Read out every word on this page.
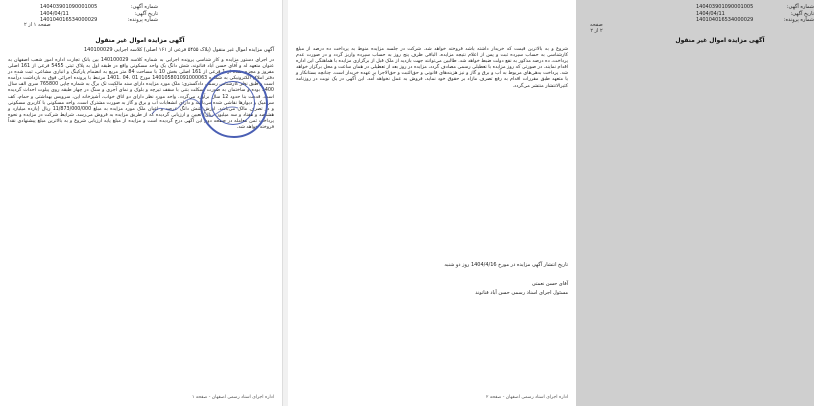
شماره آگهی:
140403901090001005
تاریخ آگهی:
1404/04/11
شماره پرونده:
140104016534000029
صفحه ۱ از ۲
آگهی مزایده اموال غیر منقول
آگهی مزایده اموال غیر منقول (پلاک ۵۴۵۵ فرعی از ۱۶۱ اصلی) کلاسه اجرایی 140100029
در اجرای دستور مزایده و کار شناسی پرونده اجرایی به شماره کلاسه 140100029 بین بانک تجارت اداره امور شعب اصفهان به عنوان متعهد له و آقای حسن آباد قناتوند، شش دانگ یک واحد مسکونی واقع در طبقه اول به پلاک ثبتی 5455 فرعی از 161 اصلی مفروز و مجزی شده از 1 فرعی از 161 اصلی بخش 10 با مساحت 84 متر مربع به انضمام پارکینگ و انباری مشاعی، ثبت شده در دفتر املاک الکترونیکی به شماره 140105801091000063 مورخ 01 .04 .1401 مرتبط با پرونده اجرائی فوق به بازداشت درآمده است و طبق نظر کارشناس رسمی دادگستری: ملک مورد مزایده دارای سند مالکیت تک برگ به شماره چاپی 765800 سری الف سال 1400 بوده و ساختمان به صورت اسکلت بتنی با سقف تیرچه و بلوک و نمای آجری و سنگ در چهار طبقه روی پیلوت احداث گردیده است. قدمت بنا حدود 12 سال برآورد می‌گردد. واحد مورد نظر دارای دو اتاق خواب، آشپزخانه اپن، سرویس بهداشتی و حمام، کف سرامیک و دیوارها نقاشی شده می‌باشد و دارای انشعابات آب و برق و گاز به صورت مشترک است. واحد مسکونی با کاربری مسکونی و در تصرف مالک می‌باشد. ارزش شش دانگ عرصه و اعیان ملک مورد مزایده به مبلغ 11/873/000/000 ریال (یازده میلیارد و هشتصد و هفتاد و سه میلیون ریال) تعیین و ارزیابی گردیده که از طریق مزایده به فروش می‌رسد. شرایط شرکت در مزایده و نحوه پرداخت ثمن معامله در صفحه دوم این آگهی درج گردیده است و مزایده از مبلغ پایه ارزیابی شروع و به بالاترین مبلغ پیشنهادی نقداً فروخته خواهد شد.
اداره اجرای اسناد رسمی اصفهان - صفحه ۱
شماره آگهی:
140403901090001005
تاریخ آگهی:
1404/04/11
شماره پرونده:
140104016534000029
صفحه ۲ از ۲
آگهی مزایده اموال غیر منقول
شروع و به بالاترین قیمت که خریدار داشته باشد فروخته خواهد شد. شرکت در جلسه مزایده منوط به پرداخت ده درصد از مبلغ کارشناسی به حساب سپرده ثبت و پس از اعلام نتیجه مزایده، الباقی ظرف پنج روز به حساب سپرده واریز گردد و در صورت عدم پرداخت، ده درصد مذکور به نفع دولت ضبط خواهد شد. طالبین می‌توانند جهت بازدید از ملک قبل از برگزاری مزایده با هماهنگی این اداره اقدام نمایند. در صورتی که روز مزایده با تعطیلی رسمی مصادف گردد، مزایده در روز بعد از تعطیلی در همان ساعت و محل برگزار خواهد شد. پرداخت بدهی‌های مربوط به آب و برق و گاز و نیز هزینه‌های قانونی و حق‌الثبت و حق‌الاجرا بر عهده خریدار است. چنانچه بستانکار و یا متعهد طبق مقررات اقدام به رفع تصرف مازاد بر حقوق خود نماید، فروش به عمل نخواهد آمد. این آگهی در یک نوبت در روزنامه کثیرالانتشار منتشر می‌گردد.
تاریخ انتشار آگهی مزایده در مورخ 1404/4/16 روز دو شنبه
آقای حسن نعمتی
مسئول اجرای اسناد رسمی حسن آباد قناتوند
اداره اجرای اسناد رسمی اصفهان - صفحه ۲
